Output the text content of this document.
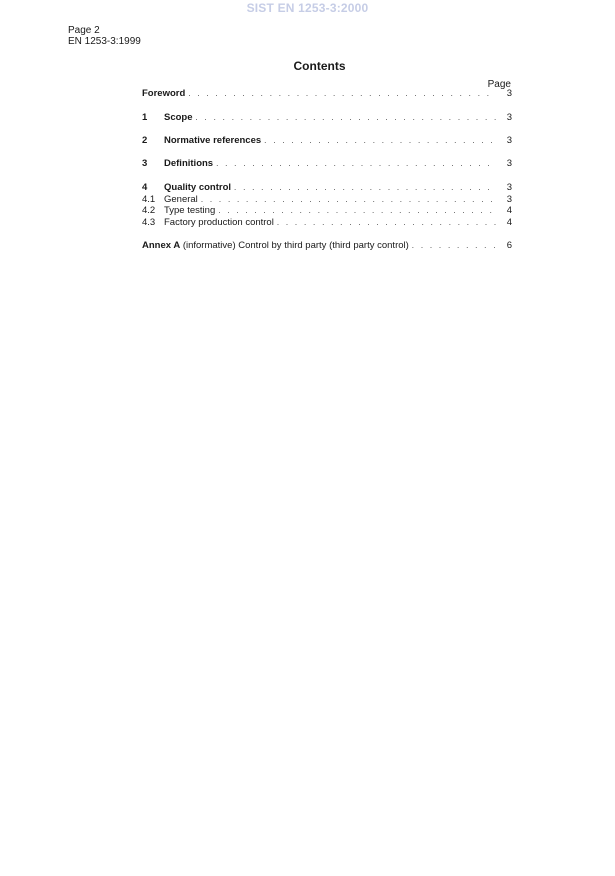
SIST EN 1253-3:2000
Page 2
EN 1253-3:1999
Contents
Page
Foreword . . .	3
1	Scope . . .	3
2	Normative references . . .	3
3	Definitions . . .	3
4	Quality control . . .	3
4.1 General . . .	3
4.2 Type testing . . .	4
4.3 Factory production control . . .	4
Annex A (informative) Control by third party (third party control) . . .	6
